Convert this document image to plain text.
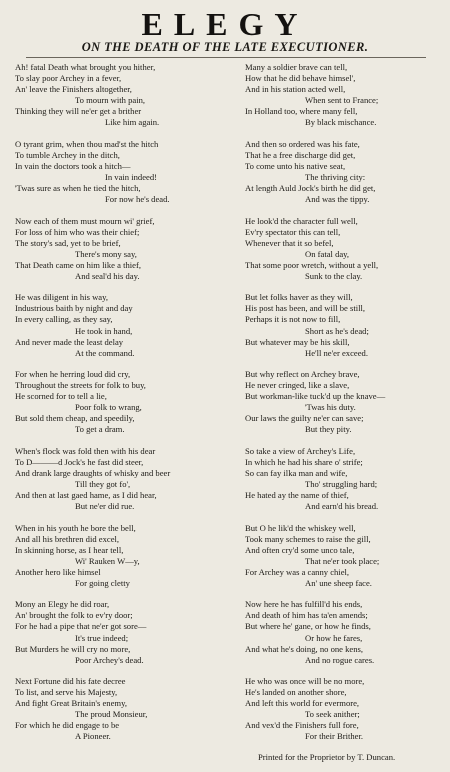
ELEGY
ON THE DEATH OF THE LATE EXECUTIONER.
Ah! fatal Death what brought you hither,
To slay poor Archey in a fever,
An' leave the Finishers altogether,
To mourn with pain,
Thinking they will ne'er get a brither
Like him again.
O tyrant grim, when thou mad'st the hitch
To tumble Archey in the ditch,
In vain the doctors took a hitch—
In vain indeed!
'Twas sure as when he tied the hitch,
For now he's dead.
Now each of them must mourn wi' grief,
For loss of him who was their chief;
The story's sad, yet to be brief,
There's mony say,
That Death came on him like a thief,
And seal'd his day.
He was diligent in his way,
Industrious baith by night and day
In every calling, as they say,
He took in hand,
And never made the least delay
At the command.
For when he herring loud did cry,
Throughout the streets for folk to buy,
He scorned for to tell a lie,
Poor folk to wrang,
But sold them cheap, and speedily,
To get a dram.
When's flock was fold then with his dear
To D———d Jock's he fast did steer,
And drank large draughts of whisky and beer
Till they got fo',
And then at last gaed hame, as I did hear,
But ne'er did rue.
When in his youth he bore the bell,
And all his brethren did excel,
In skinning horse, as I hear tell,
Wi' Rauken W—y,
Another hero like himsel
For going cletty
Mony an Elegy he did roar,
An' brought the folk to ev'ry door;
For he had a pipe that ne'er got sore—
It's true indeed;
But Murders he will cry no more,
Poor Archey's dead.
Next Fortune did his fate decree
To list, and serve his Majesty,
And fight Great Britain's enemy,
The proud Monsieur,
For which he did engage to be
A Pioneer.
Many a soldier brave can tell,
How that he did behave himsel',
And in his station acted well,
When sent to France;
In Holland too, where many fell,
By black mischance.
And then so ordered was his fate,
That he a free discharge did get,
To come unto his native seat,
The thriving city:
At length Auld Jock's birth he did get,
And was the tippy.
He look'd the character full well,
Ev'ry spectator this can tell,
Whenever that it so befel,
On fatal day,
That some poor wretch, without a yell,
Sunk to the clay.
But let folks haver as they will,
His post has been, and will be still,
Perhaps it is not now to fill,
Short as he's dead;
But whatever may be his skill,
He'll ne'er exceed.
But why reflect on Archey brave,
He never cringed, like a slave,
But workman-like tuck'd up the knave—
'Twas his duty.
Our laws the guilty ne'er can save;
But they pity.
So take a view of Archey's Life,
In which he had his share o' strife;
So can fay ilka man and wife,
Tho' struggling hard;
He hated ay the name of thief,
And earn'd his bread.
But O he lik'd the whiskey well,
Took many schemes to raise the gill,
And often cry'd some unco tale,
That ne'er took place;
For Archey was a canny chiel,
An' une sheep face.
Now here he has fulfill'd his ends,
And death of him has ta'en amends;
But where he' gane, or how he finds,
Or how he fares,
And what he's doing, no one kens,
And no rogue cares.
He who was once will be no more,
He's landed on another shore,
And left this world for evermore,
To seek anither;
And vex'd the Finishers full fore,
For their Brither.
Printed for the Proprietor by T. Duncan.
